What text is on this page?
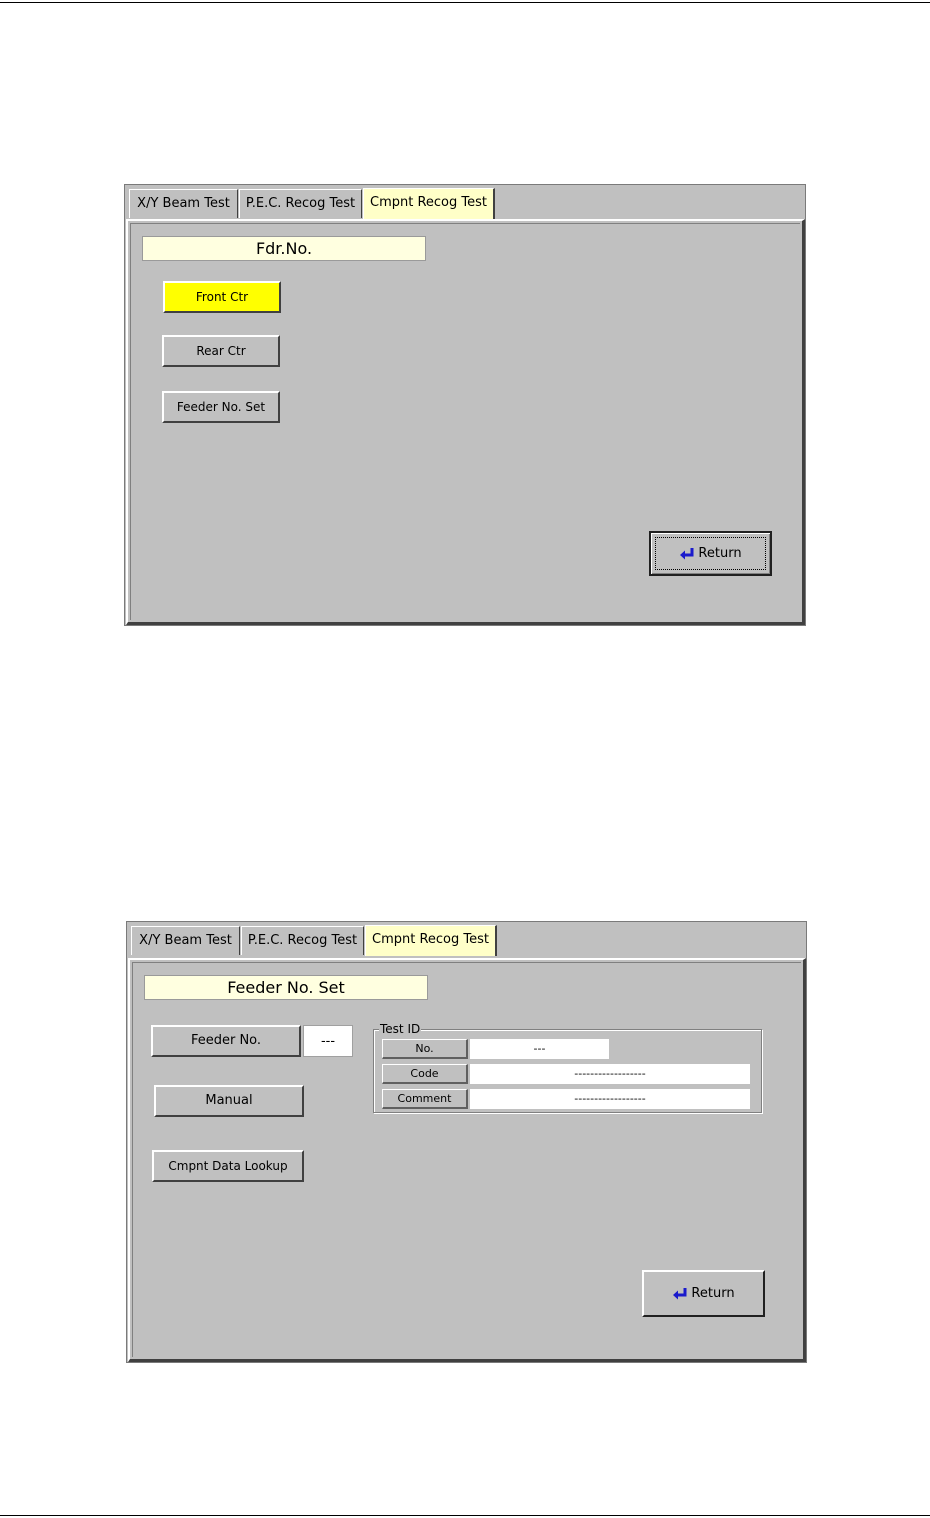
X/Y Beam Test	P.E.C. Recog Test	Cmpnt Recog Test
Fdr.No.
Front Ctr
Rear Ctr
Feeder No. Set
Return
X/Y Beam Test	P.E.C. Recog Test	Cmpnt Recog Test
Feeder No. Set
Feeder No.	---
Manual
Cmpnt Data Lookup
Test ID
No.	---
Code	------------------
Comment	------------------
Return
